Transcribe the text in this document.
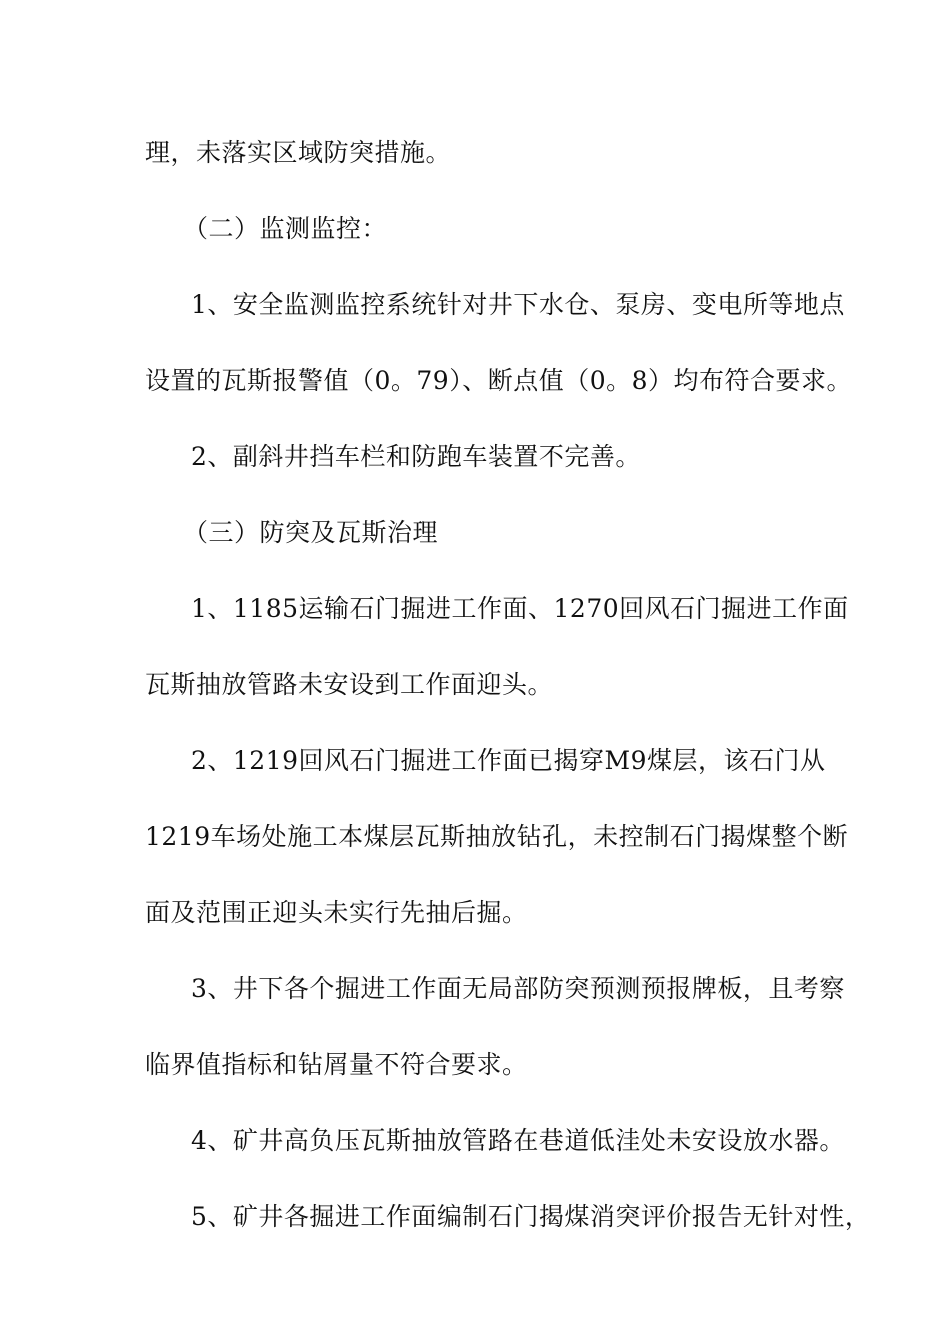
理，未落实区域防突措施。
（二）监测监控：
1、安全监测监控系统针对井下水仓、泵房、变电所等地点
设置的瓦斯报警值（0。79）、断点值（0。8）均布符合要求。
2、副斜井挡车栏和防跑车装置不完善。
（三）防突及瓦斯治理
1、1185运输石门掘进工作面、1270回风石门掘进工作面
瓦斯抽放管路未安设到工作面迎头。
2、1219回风石门掘进工作面已揭穿M9煤层，该石门从
1219车场处施工本煤层瓦斯抽放钻孔，未控制石门揭煤整个断
面及范围正迎头未实行先抽后掘。
3、井下各个掘进工作面无局部防突预测预报牌板，且考察
临界值指标和钻屑量不符合要求。
4、矿井高负压瓦斯抽放管路在巷道低洼处未安设放水器。
5、矿井各掘进工作面编制石门揭煤消突评价报告无针对性，
